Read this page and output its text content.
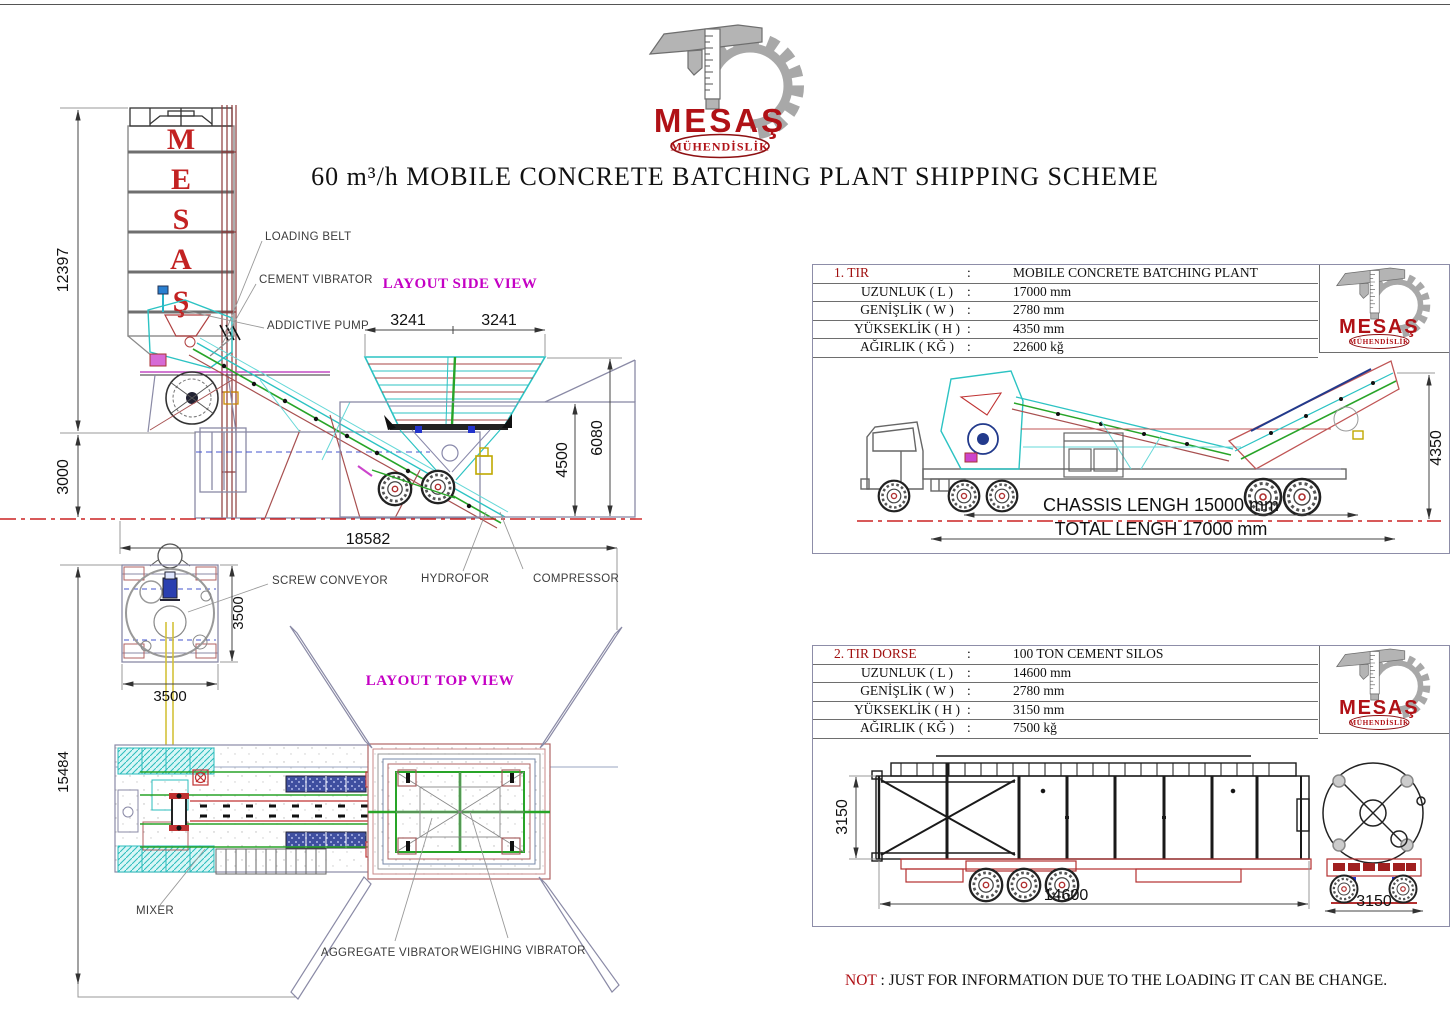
M
E
S
A
Ş
12397
3000
18582
3241	3241
4500
6080
LOADING BELT
CEMENT VIBRATOR
ADDICTIVE PUMP
HYDROFOR	COMPRESSOR
LAYOUT SIDE VIEW
SCREW CONVEYOR
3500
3500
15484
LAYOUT TOP VIEW
MIXER
AGGREGATE VIBRATOR WEIGHING VIBRATOR
60 m³/h MOBILE CONCRETE BATCHING PLANT SHIPPING SCHEME
4350
CHASSIS LENGH 15000 mm
TOTAL LENGH 17000 mm
1. TIR	:	MOBILE CONCRETE BATCHING PLANT
UZUNLUK ( L )	:	17000 mm
GENİŞLİK ( W ) :	2780 mm
YÜKSEKLİK ( H ) :	4350 mm
AĞIRLIK ( KĞ ) :	22600 kğ
3150
14600	3150
2. TIR DORSE	:	100 TON CEMENT SILOS
UZUNLUK ( L )	:	14600 mm
GENİŞLİK ( W ) :	2780 mm
YÜKSEKLİK ( H ) :	3150 mm
AĞIRLIK ( KĞ ) :	7500 kğ
NOT : JUST FOR INFORMATION DUE TO THE LOADING IT CAN BE CHANGE.
